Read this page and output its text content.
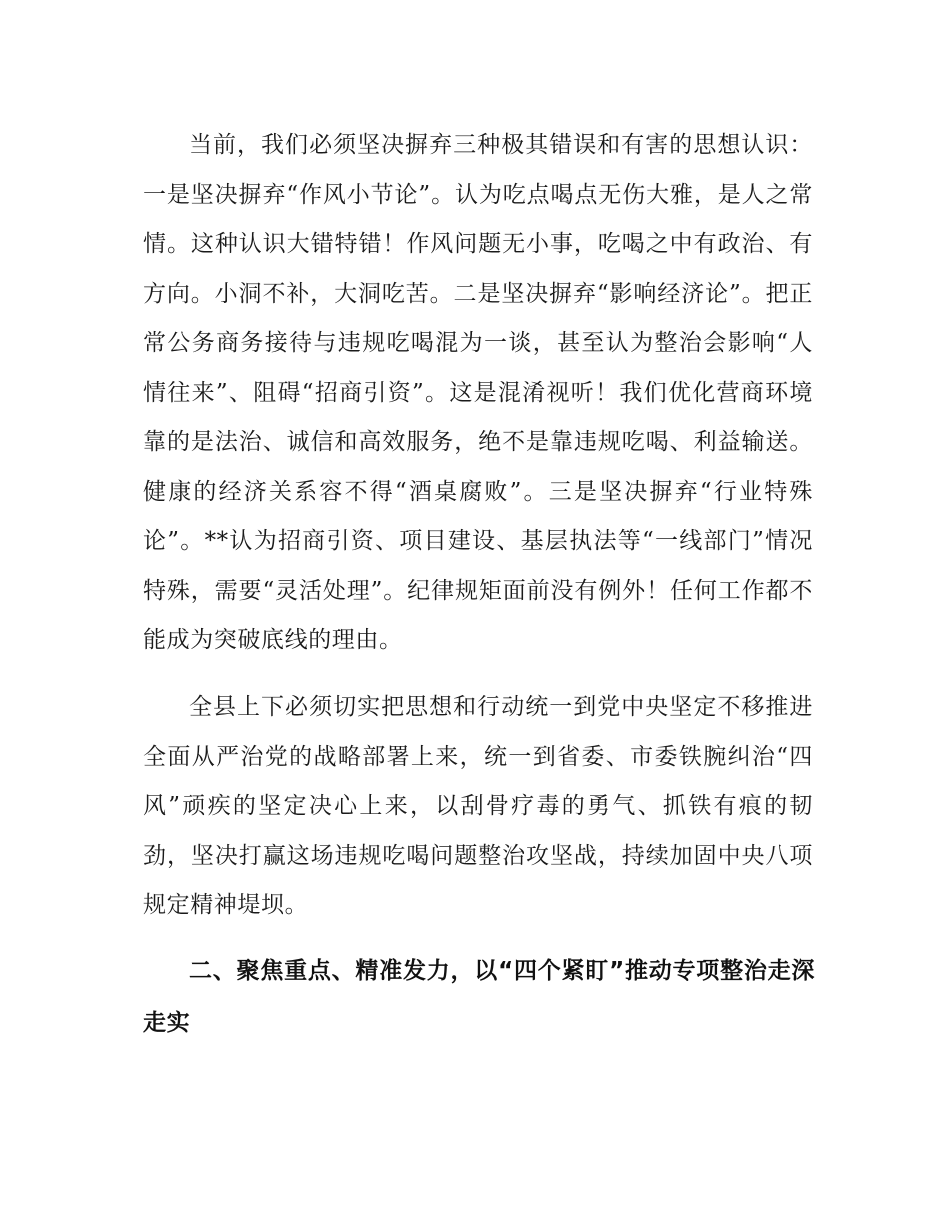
当前，我们必须坚决摒弃三种极其错误和有害的思想认识：一是坚决摒弃“作风小节论”。认为吃点喝点无伤大雅，是人之常情。这种认识大错特错！作风问题无小事，吃喝之中有政治、有方向。小洞不补，大洞吃苦。二是坚决摒弃“影响经济论”。把正常公务商务接待与违规吃喝混为一谈，甚至认为整治会影响“人情往来”、阻碍“招商引资”。这是混淆视听！我们优化营商环境靠的是法治、诚信和高效服务，绝不是靠违规吃喝、利益输送。健康的经济关系容不得“酒桌腐败”。三是坚决摒弃“行业特殊论”。**认为招商引资、项目建设、基层执法等“一线部门”情况特殊，需要“灵活处理”。纪律规矩面前没有例外！任何工作都不能成为突破底线的理由。

全县上下必须切实把思想和行动统一到党中央坚定不移推进全面从严治党的战略部署上来，统一到省委、市委铁腕纠治“四风”顽疾的坚定决心上来，以刮骨疗毒的勇气、抓铁有痕的韧劲，坚决打赢这场违规吃喝问题整治攻坚战，持续加固中央八项规定精神堤坝。

二、聚焦重点、精准发力，以“四个紧盯”推动专项整治走深走实
